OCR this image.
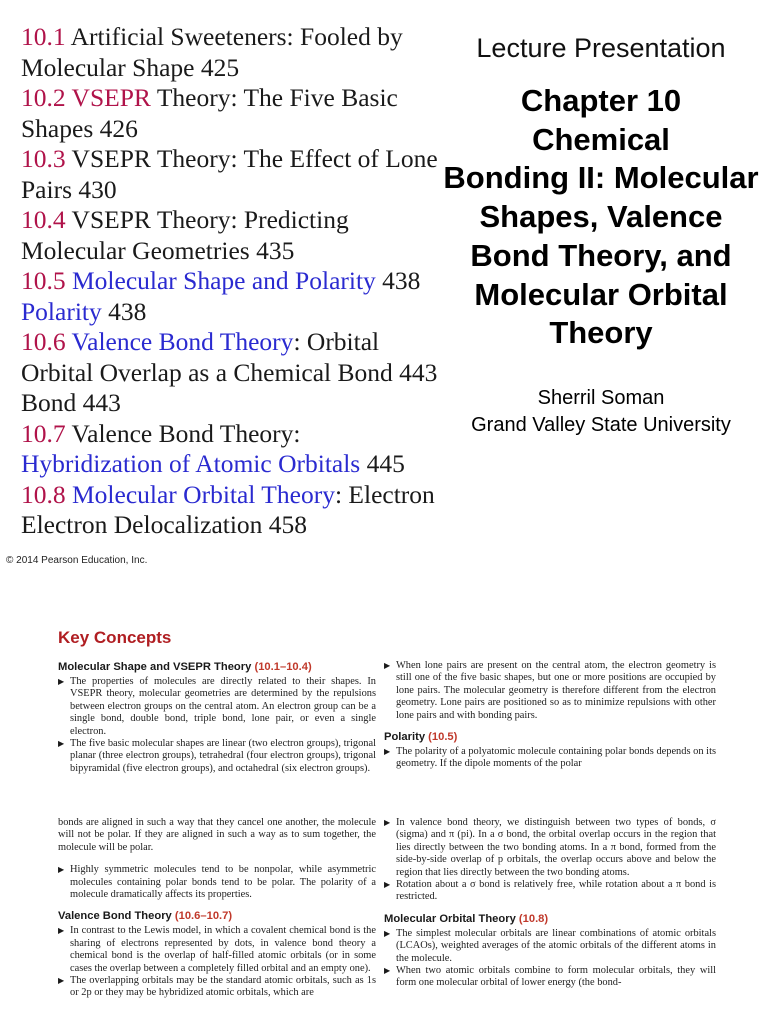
10.1 Artificial Sweeteners: Fooled by
Molecular Shape 425
10.2 VSEPR Theory: The Five Basic
Shapes 426
10.3 VSEPR Theory: The Effect of Lone
Pairs 430
10.4 VSEPR Theory: Predicting
Molecular Geometries 435
10.5 Molecular Shape and Polarity 438
Polarity 438
10.6 Valence Bond Theory: Orbital
Orbital Overlap as a Chemical Bond 443
Bond 443
10.7 Valence Bond Theory:
Hybridization of Atomic Orbitals 445
10.8 Molecular Orbital Theory: Electron
Electron Delocalization 458
Lecture Presentation
Chapter 10
Chemical
Bonding II: Molecular
Shapes, Valence
Bond Theory, and
Molecular Orbital
Theory
Sherril Soman
Grand Valley State University
© 2014 Pearson Education, Inc.
Key Concepts
Molecular Shape and VSEPR Theory (10.1–10.4)
▶ The properties of molecules are directly related to their shapes. In VSEPR theory, molecular geometries are determined by the repulsions between electron groups on the central atom. An electron group can be a single bond, double bond, triple bond, lone pair, or even a single electron.
▶ The five basic molecular shapes are linear (two electron groups), trigonal planar (three electron groups), tetrahedral (four electron groups), trigonal bipyramidal (five electron groups), and octahedral (six electron groups).
▶ When lone pairs are present on the central atom, the electron geometry is still one of the five basic shapes, but one or more positions are occupied by lone pairs. The molecular geometry is therefore different from the electron geometry. Lone pairs are positioned so as to minimize repulsions with other lone pairs and with bonding pairs.
Polarity (10.5)
▶ The polarity of a polyatomic molecule containing polar bonds depends on its geometry. If the dipole moments of the polar
bonds are aligned in such a way that they cancel one another, the molecule will not be polar. If they are aligned in such a way as to sum together, the molecule will be polar.
▶ Highly symmetric molecules tend to be nonpolar, while asymmetric molecules containing polar bonds tend to be polar. The polarity of a molecule dramatically affects its properties.
Valence Bond Theory (10.6–10.7)
▶ In contrast to the Lewis model, in which a covalent chemical bond is the sharing of electrons represented by dots, in valence bond theory a chemical bond is the overlap of half-filled atomic orbitals (or in some cases the overlap between a completely filled orbital and an empty one).
▶ The overlapping orbitals may be the standard atomic orbitals, such as 1s or 2p or they may be hybridized atomic orbitals, which are
▶ In valence bond theory, we distinguish between two types of bonds, σ (sigma) and π (pi). In a σ bond, the orbital overlap occurs in the region that lies directly between the two bonding atoms. In a π bond, formed from the side-by-side overlap of p orbitals, the overlap occurs above and below the region that lies directly between the two bonding atoms.
▶ Rotation about a σ bond is relatively free, while rotation about a π bond is restricted.
Molecular Orbital Theory (10.8)
▶ The simplest molecular orbitals are linear combinations of atomic orbitals (LCAOs), weighted averages of the atomic orbitals of the different atoms in the molecule.
▶ When two atomic orbitals combine to form molecular orbitals, they will form one molecular orbital of lower energy (the bond-
